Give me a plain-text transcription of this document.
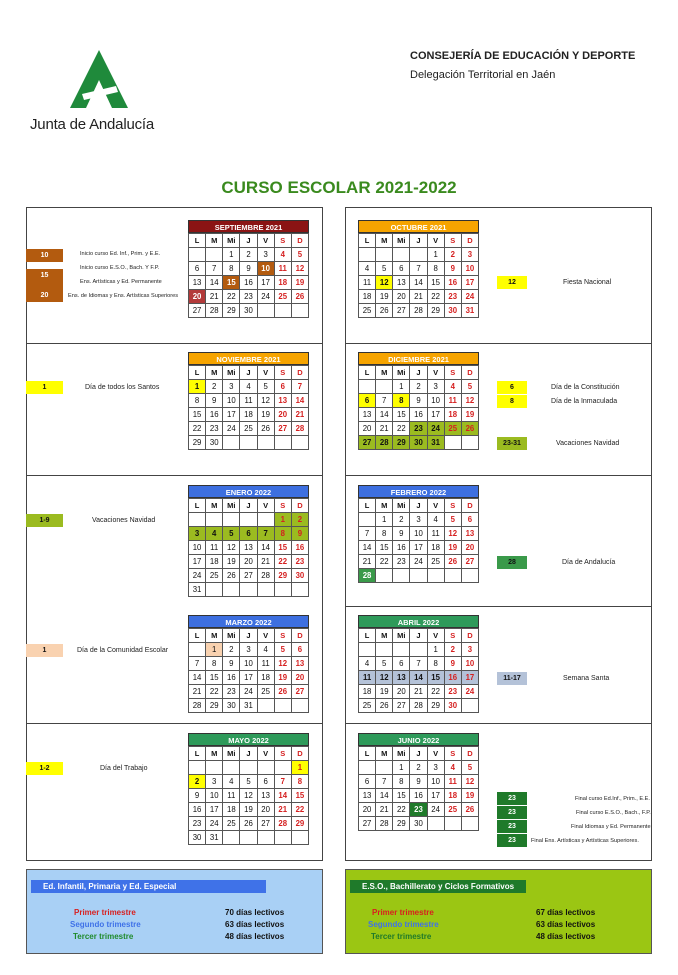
Junta de Andalucía
CONSEJERÍA DE EDUCACIÓN Y DEPORTE
Delegación Territorial en Jaén
CURSO ESCOLAR 2021-2022
SEPTIEMBRE 2021
L	M	Mi	J	V	S	D
		1	2	3	4	5
6	7	8	9	10	11	12
13	14	15	16	17	18	19
20	21	22	23	24	25	26
27	28	29	30			
OCTUBRE 2021
L	M	Mi	J	V	S	D
				1	2	3
4	5	6	7	8	9	10
11	12	13	14	15	16	17
18	19	20	21	22	23	24
25	26	27	28	29	30	31
NOVIEMBRE 2021
L	M	Mi	J	V	S	D
1	2	3	4	5	6	7
8	9	10	11	12	13	14
15	16	17	18	19	20	21
22	23	24	25	26	27	28
29	30					
DICIEMBRE 2021
L	M	Mi	J	V	S	D
		1	2	3	4	5
6	7	8	9	10	11	12
13	14	15	16	17	18	19
20	21	22	23	24	25	26
27	28	29	30	31		
ENERO 2022
L	M	Mi	J	V	S	D
					1	2
3	4	5	6	7	8	9
10	11	12	13	14	15	16
17	18	19	20	21	22	23
24	25	26	27	28	29	30
31						
FEBRERO 2022
L	M	Mi	J	V	S	D
	1	2	3	4	5	6
7	8	9	10	11	12	13
14	15	16	17	18	19	20
21	22	23	24	25	26	27
28						
MARZO 2022
L	M	Mi	J	V	S	D
	1	2	3	4	5	6
7	8	9	10	11	12	13
14	15	16	17	18	19	20
21	22	23	24	25	26	27
28	29	30	31			
ABRIL 2022
L	M	Mi	J	V	S	D
				1	2	3
4	5	6	7	8	9	10
11	12	13	14	15	16	17
18	19	20	21	22	23	24
25	26	27	28	29	30	
MAYO 2022
L	M	Mi	J	V	S	D
						1
2	3	4	5	6	7	8
9	10	11	12	13	14	15
16	17	18	19	20	21	22
23	24	25	26	27	28	29
30	31					
JUNIO 2022
L	M	Mi	J	V	S	D
		1	2	3	4	5
6	7	8	9	10	11	12
13	14	15	16	17	18	19
20	21	22	23	24	25	26
27	28	29	30			
10	Inicio curso Ed. Inf., Prim. y E.E.
15
Inicio curso E.S.O., Bach. Y F.P.
Ens. Artísticas y Ed. Permanente
20	Ens. de Idiomas y Ens. Artísticas Superiores
12	Fiesta Nacional
1	Día de todos los Santos	6	Día de la Constitución
8	Día de la Inmaculada
23-31	Vacaciones Navidad
1-9	Vacaciones Navidad
28	Día de Andalucía
1	Día de la Comunidad Escolar
11-17	Semana Santa
1-2	Día del Trabajo
23	Final curso Ed.Inf., Prim., E.E.
23	Final curso E.S.O., Bach., F.P.
23	Final Idiomas y Ed. Permanente
23	Final Ens. Artísticas y Artísticas Superiores.
Ed. Infantil, Primaria y Ed. Especial
Primer trimestre	70 días lectivos
Segundo trimestre	63 días lectivos
Tercer trimestre	48 días lectivos
E.S.O., Bachillerato y Ciclos Formativos
Primer trimestre	67 días lectivos
Segundo trimestre	63 días lectivos
Tercer trimestre	48 días lectivos
